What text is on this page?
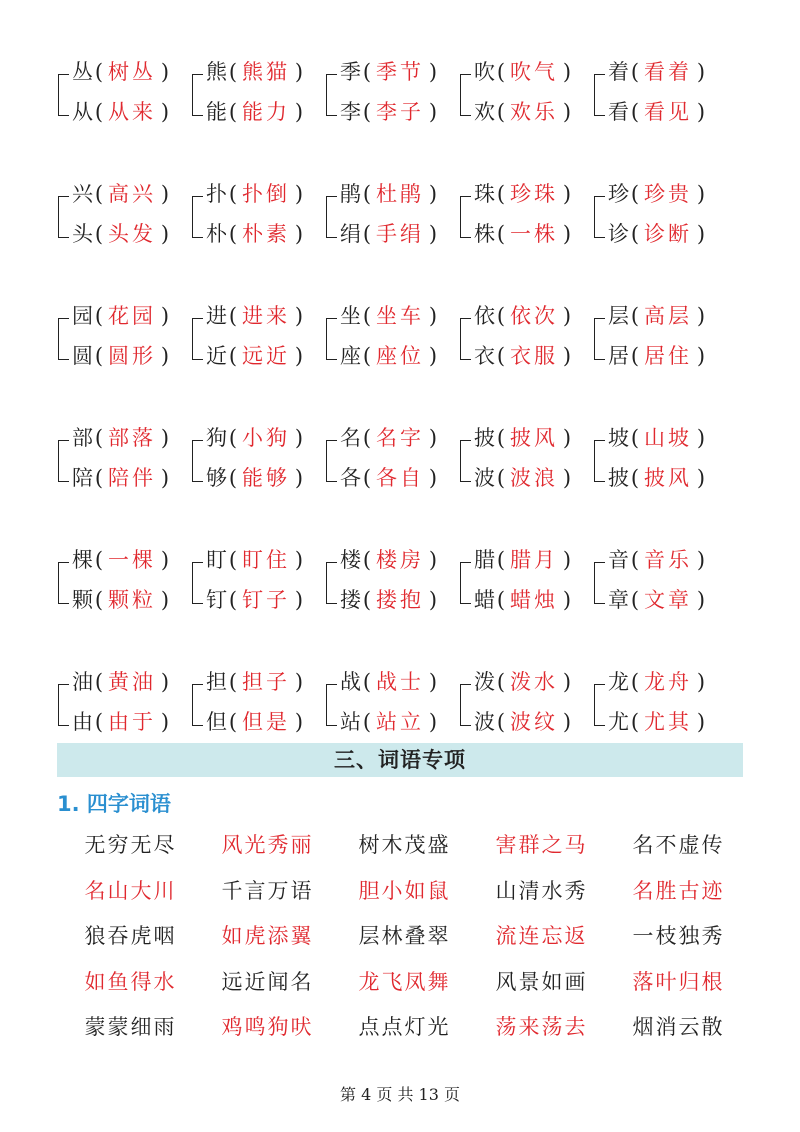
丛( 树丛 )
从( 从来 )
熊( 熊猫 )
能( 能力 )
季( 季节 )
李( 李子 )
吹( 吹气 )
欢( 欢乐 )
着( 看着 )
看( 看见 )
兴( 高兴 )
头( 头发 )
扑( 扑倒 )
朴( 朴素 )
鹃( 杜鹃 )
绢( 手绢 )
珠( 珍珠 )
株( 一株 )
珍( 珍贵 )
诊( 诊断 )
园( 花园 )
圆( 圆形 )
进( 进来 )
近( 远近 )
坐( 坐车 )
座( 座位 )
依( 依次 )
衣( 衣服 )
层( 高层 )
居( 居住 )
部( 部落 )
陪( 陪伴 )
狗( 小狗 )
够( 能够 )
名( 名字 )
各( 各自 )
披( 披风 )
波( 波浪 )
坡( 山坡 )
披( 披风 )
棵( 一棵 )
颗( 颗粒 )
盯( 盯住 )
钉( 钉子 )
楼( 楼房 )
搂( 搂抱 )
腊( 腊月 )
蜡( 蜡烛 )
音( 音乐 )
章( 文章 )
油( 黄油 )
由( 由于 )
担( 担子 )
但( 但是 )
战( 战士 )
站( 站立 )
泼( 泼水 )
波( 波纹 )
龙( 龙舟 )
尤( 尤其 )
三、词语专项
1. 四字词语
无穷无尽	风光秀丽	树木茂盛	害群之马	名不虚传
名山大川	千言万语	胆小如鼠	山清水秀	名胜古迹
狼吞虎咽	如虎添翼	层林叠翠	流连忘返	一枝独秀
如鱼得水	远近闻名	龙飞凤舞	风景如画	落叶归根
蒙蒙细雨	鸡鸣狗吠	点点灯光	荡来荡去	烟消云散
第 4 页 共 13 页
